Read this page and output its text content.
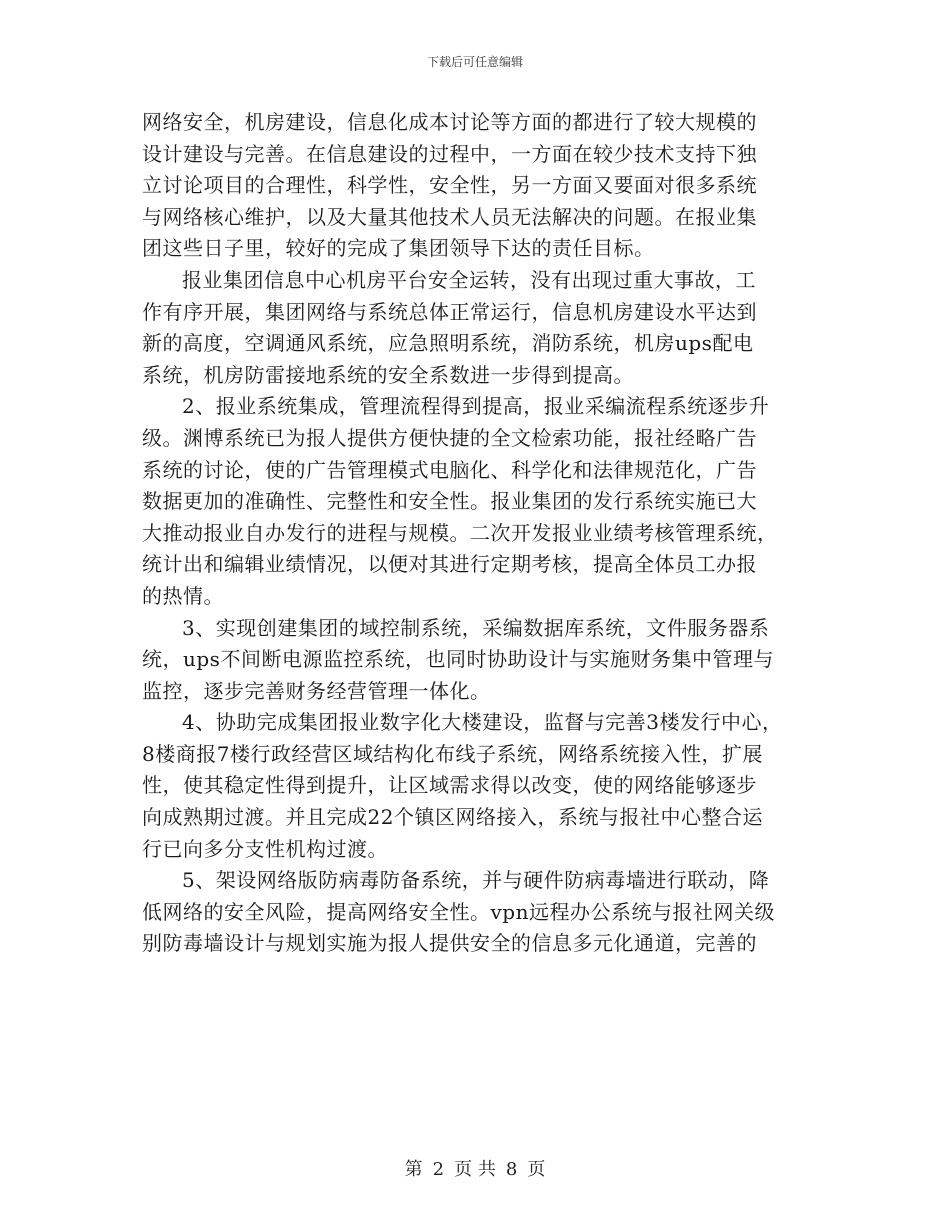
下载后可任意编辑
网络安全，机房建设，信息化成本讨论等方面的都进行了较大规模的
设计建设与完善。在信息建设的过程中，一方面在较少技术支持下独
立讨论项目的合理性，科学性，安全性，另一方面又要面对很多系统
与网络核心维护，以及大量其他技术人员无法解决的问题。在报业集
团这些日子里，较好的完成了集团领导下达的责任目标。
报业集团信息中心机房平台安全运转，没有出现过重大事故，工
作有序开展，集团网络与系统总体正常运行，信息机房建设水平达到
新的高度，空调通风系统，应急照明系统，消防系统，机房ups配电
系统，机房防雷接地系统的安全系数进一步得到提高。
2、报业系统集成，管理流程得到提高，报业采编流程系统逐步升
级。渊博系统已为报人提供方便快捷的全文检索功能，报社经略广告
系统的讨论，使的广告管理模式电脑化、科学化和法律规范化，广告
数据更加的准确性、完整性和安全性。报业集团的发行系统实施已大
大推动报业自办发行的进程与规模。二次开发报业业绩考核管理系统，
统计出和编辑业绩情况，以便对其进行定期考核，提高全体员工办报
的热情。
3、实现创建集团的域控制系统，采编数据库系统，文件服务器系
统，ups不间断电源监控系统，也同时协助设计与实施财务集中管理与
监控，逐步完善财务经营管理一体化。
4、协助完成集团报业数字化大楼建设，监督与完善3楼发行中心，
8楼商报7楼行政经营区域结构化布线子系统，网络系统接入性，扩展
性，使其稳定性得到提升，让区域需求得以改变，使的网络能够逐步
向成熟期过渡。并且完成22个镇区网络接入，系统与报社中心整合运
行已向多分支性机构过渡。
5、架设网络版防病毒防备系统，并与硬件防病毒墙进行联动，降
低网络的安全风险，提高网络安全性。vpn远程办公系统与报社网关级
别防毒墙设计与规划实施为报人提供安全的信息多元化通道，完善的
第 2 页 共 8 页
